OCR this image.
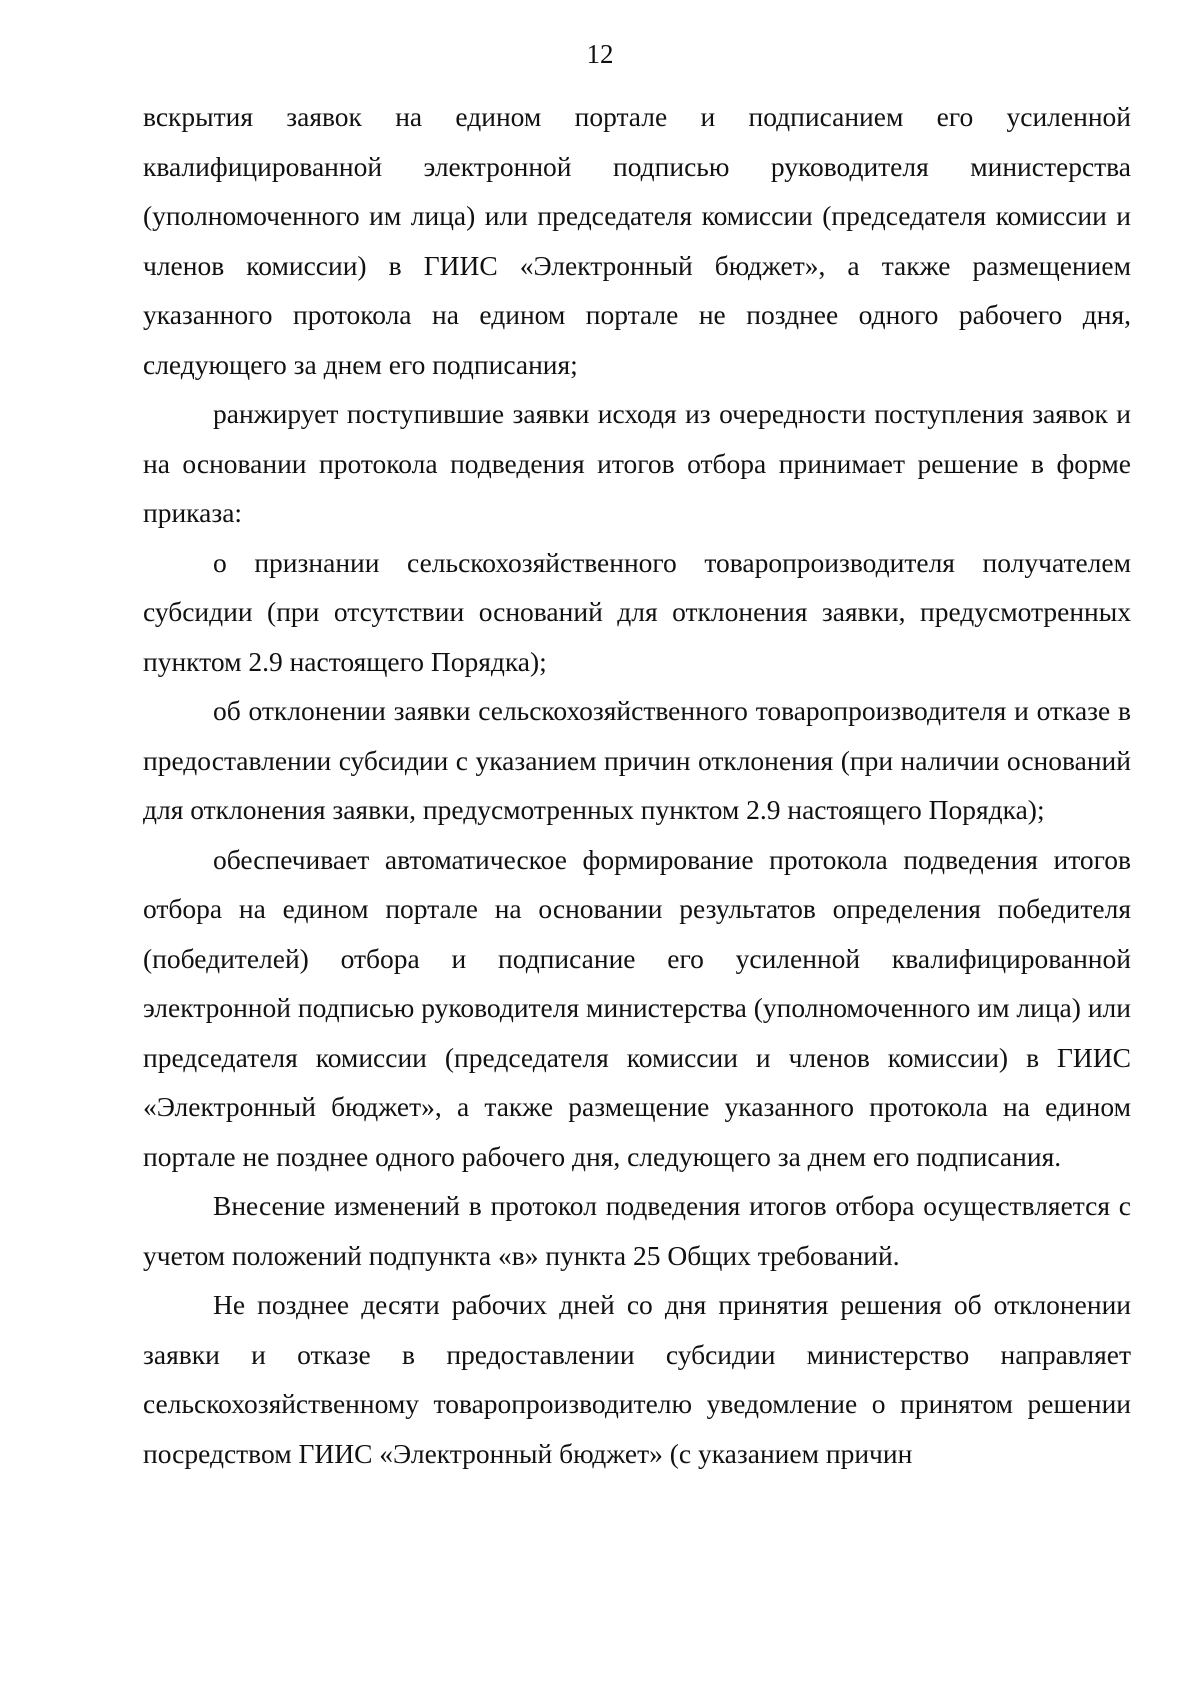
12

вскрытия заявок на едином портале и подписанием его усиленной квалифицированной электронной подписью руководителя министерства (уполномоченного им лица) или председателя комиссии (председателя комиссии и членов комиссии) в ГИИС «Электронный бюджет», а также размещением указанного протокола на едином портале не позднее одного рабочего дня, следующего за днем его подписания;

ранжирует поступившие заявки исходя из очередности поступления заявок и на основании протокола подведения итогов отбора принимает решение в форме приказа:

о признании сельскохозяйственного товаропроизводителя получателем субсидии (при отсутствии оснований для отклонения заявки, предусмотренных пунктом 2.9 настоящего Порядка);

об отклонении заявки сельскохозяйственного товаропроизводителя и отказе в предоставлении субсидии с указанием причин отклонения (при наличии оснований для отклонения заявки, предусмотренных пунктом 2.9 настоящего Порядка);

обеспечивает автоматическое формирование протокола подведения итогов отбора на едином портале на основании результатов определения победителя (победителей) отбора и подписание его усиленной квалифицированной электронной подписью руководителя министерства (уполномоченного им лица) или председателя комиссии (председателя комиссии и членов комиссии) в ГИИС «Электронный бюджет», а также размещение указанного протокола на едином портале не позднее одного рабочего дня, следующего за днем его подписания.

Внесение изменений в протокол подведения итогов отбора осуществляется с учетом положений подпункта «в» пункта 25 Общих требований.

Не позднее десяти рабочих дней со дня принятия решения об отклонении заявки и отказе в предоставлении субсидии министерство направляет сельскохозяйственному товаропроизводителю уведомление о принятом решении посредством ГИИС «Электронный бюджет» (с указанием причин
